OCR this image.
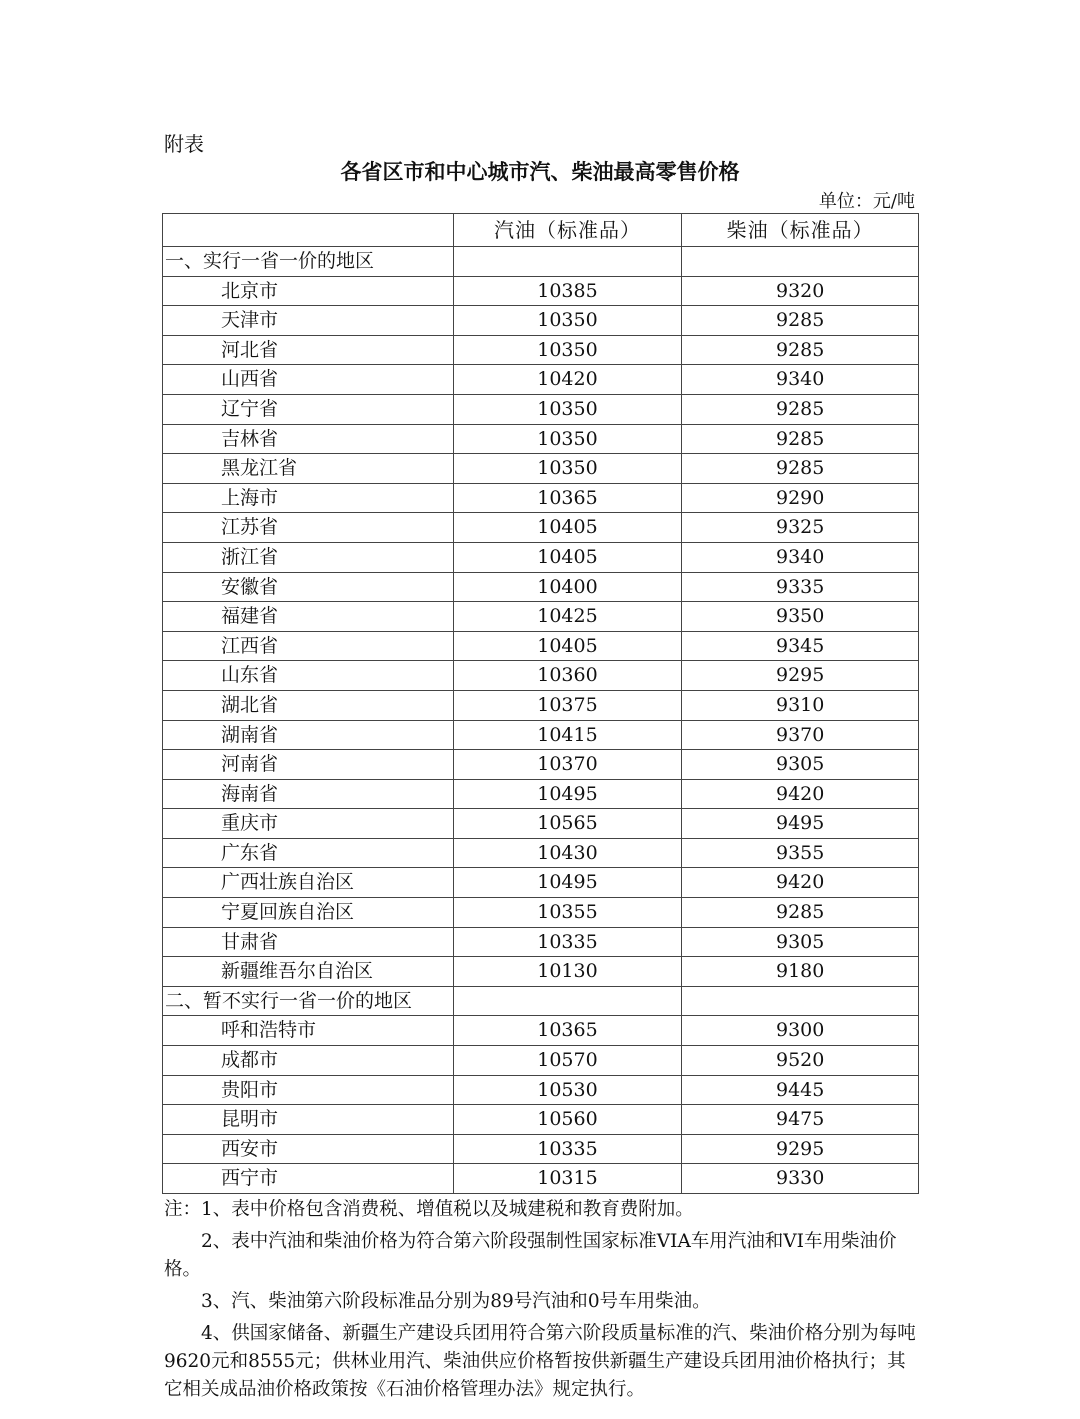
附表
各省区市和中心城市汽、柴油最高零售价格
单位：元/吨
	汽油（标准品）	柴油（标准品）
一、实行一省一价的地区		
北京市	10385	9320
天津市	10350	9285
河北省	10350	9285
山西省	10420	9340
辽宁省	10350	9285
吉林省	10350	9285
黑龙江省	10350	9285
上海市	10365	9290
江苏省	10405	9325
浙江省	10405	9340
安徽省	10400	9335
福建省	10425	9350
江西省	10405	9345
山东省	10360	9295
湖北省	10375	9310
湖南省	10415	9370
河南省	10370	9305
海南省	10495	9420
重庆市	10565	9495
广东省	10430	9355
广西壮族自治区	10495	9420
宁夏回族自治区	10355	9285
甘肃省	10335	9305
新疆维吾尔自治区	10130	9180
二、暂不实行一省一价的地区		
呼和浩特市	10365	9300
成都市	10570	9520
贵阳市	10530	9445
昆明市	10560	9475
西安市	10335	9295
西宁市	10315	9330

注：1、表中价格包含消费税、增值税以及城建税和教育费附加。

2、表中汽油和柴油价格为符合第六阶段强制性国家标准VIA车用汽油和VI车用柴油价格。

3、汽、柴油第六阶段标准品分别为89号汽油和0号车用柴油。

4、供国家储备、新疆生产建设兵团用符合第六阶段质量标准的汽、柴油价格分别为每吨9620元和8555元；供林业用汽、柴油供应价格暂按供新疆生产建设兵团用油价格执行；其它相关成品油价格政策按《石油价格管理办法》规定执行。
